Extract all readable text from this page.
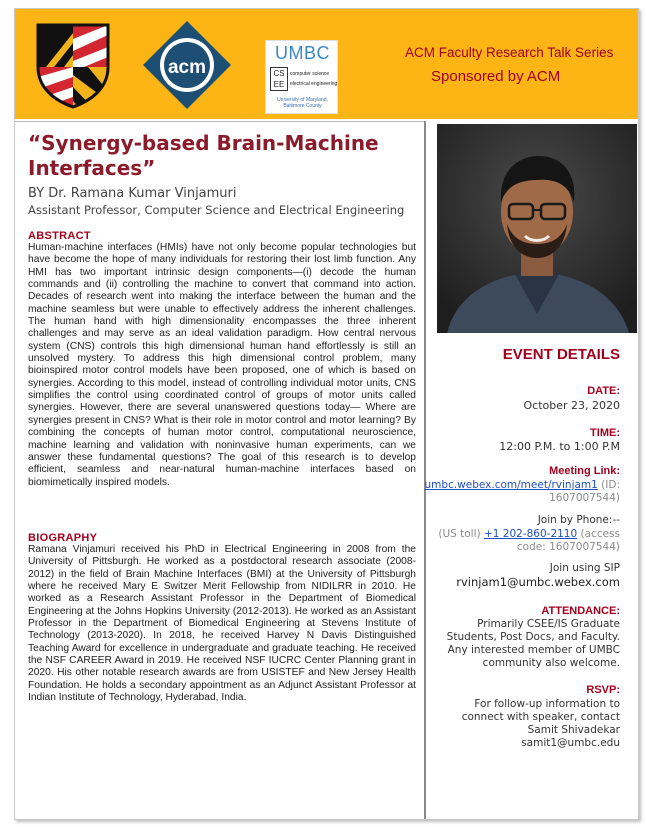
acm
UMBC
CS
EE
computer science
electrical engineering
University of Maryland,
Baltimore County
ACM Faculty Research Talk Series
Sponsored by ACM
“Synergy-based Brain-Machine
Interfaces”
BY Dr. Ramana Kumar Vinjamuri
Assistant Professor, Computer Science and Electrical Engineering
ABSTRACT
Human-machine interfaces (HMIs) have not only become popular technologies but have become the hope of many individuals for restoring their lost limb function. Any HMI has two important intrinsic design components—(i) decode the human commands and (ii) controlling the machine to convert that command into action. Decades of research went into making the interface between the human and the machine seamless but were unable to effectively address the inherent challenges. The human hand with high dimensionality encompasses the three inherent challenges and may serve as an ideal validation paradigm. How central nervous system (CNS) controls this high dimensional human hand effortlessly is still an unsolved mystery. To address this high dimensional control problem, many bioinspired motor control models have been proposed, one of which is based on synergies. According to this model, instead of controlling individual motor units, CNS simplifies the control using coordinated control of groups of motor units called synergies. However, there are several unanswered questions today— Where are synergies present in CNS? What is their role in motor control and motor learning? By combining the concepts of human motor control, computational neuroscience, machine learning and validation with noninvasive human experiments, can we answer these fundamental questions? The goal of this research is to develop efficient, seamless and near-natural human-machine interfaces based on biomimetically inspired models.
BIOGRAPHY
Ramana Vinjamuri received his PhD in Electrical Engineering in 2008 from the University of Pittsburgh. He worked as a postdoctoral research associate (2008-2012) in the field of Brain Machine Interfaces (BMI) at the University of Pittsburgh where he received Mary E Switzer Merit Fellowship from NIDILRR in 2010. He worked as a Research Assistant Professor in the Department of Biomedical Engineering at the Johns Hopkins University (2012-2013). He worked as an Assistant Professor in the Department of Biomedical Engineering at Stevens Institute of Technology (2013-2020). In 2018, he received Harvey N Davis Distinguished Teaching Award for excellence in undergraduate and graduate teaching. He received the NSF CAREER Award in 2019. He received NSF IUCRC Center Planning grant in 2020. His other notable research awards are from USISTEF and New Jersey Health Foundation. He holds a secondary appointment as an Adjunct Assistant Professor at Indian Institute of Technology, Hyderabad, India.
EVENT DETAILS
DATE:
October 23, 2020
TIME:
12:00 P.M. to 1:00 P.M
Meeting Link:
umbc.webex.com/meet/rvinjam1 (ID:
1607007544)
Join by Phone:--
(US toll) +1 202-860-2110 (access
code: 1607007544)
Join using SIP
rvinjam1@umbc.webex.com
ATTENDANCE:
Primarily CSEE/IS Graduate
Students, Post Docs, and Faculty.
Any interested member of UMBC
community also welcome.
RSVP:
For follow-up information to
connect with speaker, contact
Samit Shivadekar
samit1@umbc.edu
